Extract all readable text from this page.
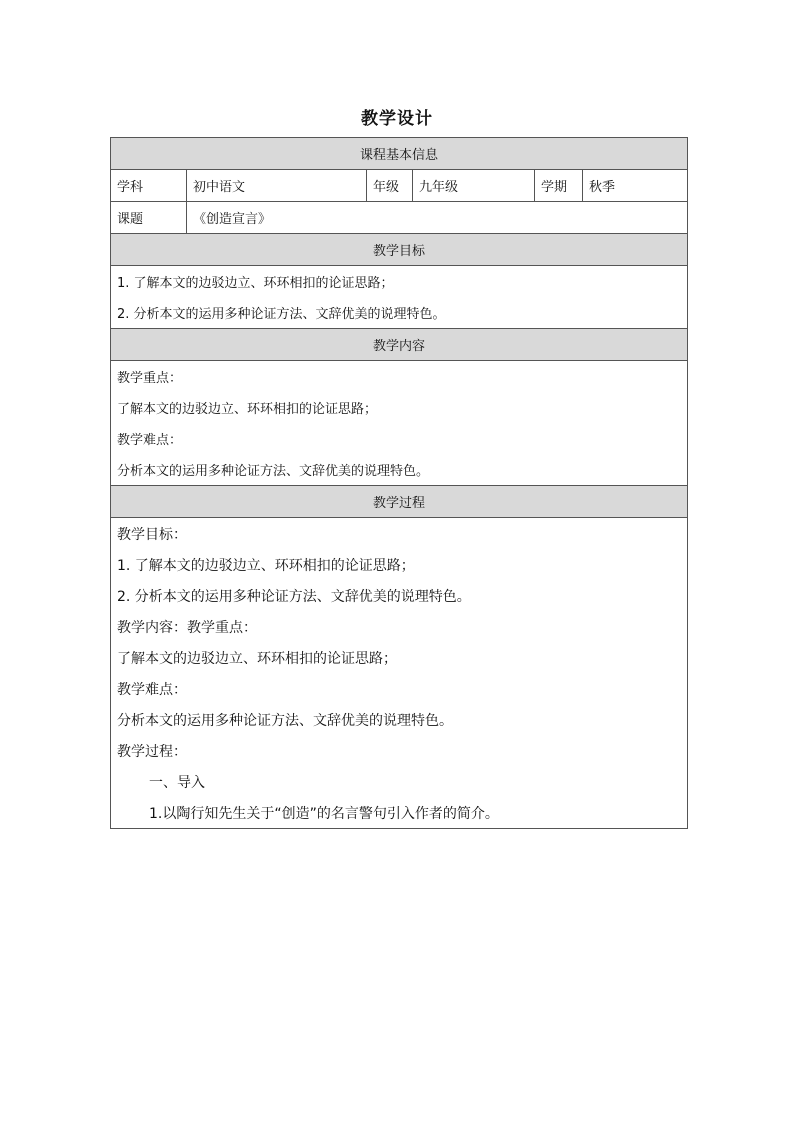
教学设计
课程基本信息					
学科	初中语文	年级	九年级	学期	秋季
课题	《创造宣言》				
教学目标					
1. 了解本文的边驳边立、环环相扣的论证思路；					
2. 分析本文的运用多种论证方法、文辞优美的说理特色。					
教学内容					
教学重点：					
了解本文的边驳边立、环环相扣的论证思路；					
教学难点：					
分析本文的运用多种论证方法、文辞优美的说理特色。					
教学过程					
教学目标：					
1. 了解本文的边驳边立、环环相扣的论证思路；					
2. 分析本文的运用多种论证方法、文辞优美的说理特色。					
教学内容：教学重点：					
了解本文的边驳边立、环环相扣的论证思路；					
教学难点：					
分析本文的运用多种论证方法、文辞优美的说理特色。					
教学过程：					
一、导入					
1.以陶行知先生关于“创造”的名言警句引入作者的简介。					
